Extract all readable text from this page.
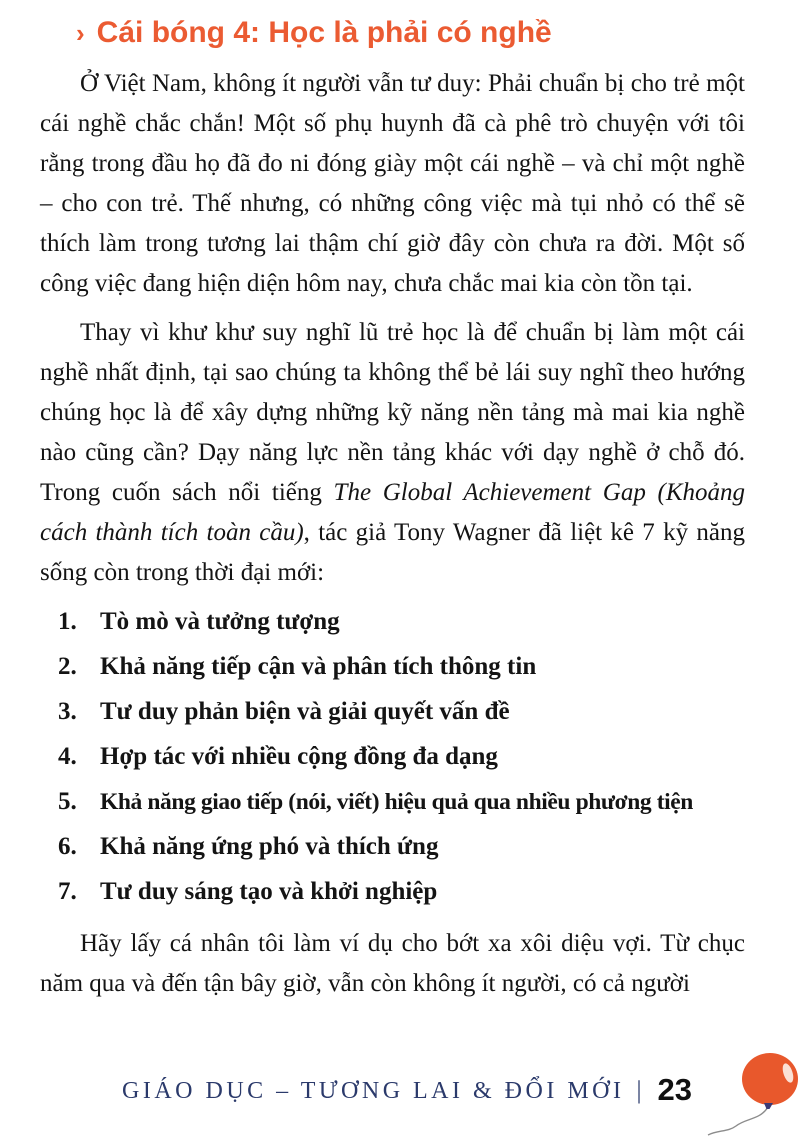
› Cái bóng 4: Học là phải có nghề

Ở Việt Nam, không ít người vẫn tư duy: Phải chuẩn bị cho trẻ một cái nghề chắc chắn! Một số phụ huynh đã cà phê trò chuyện với tôi rằng trong đầu họ đã đo ni đóng giày một cái nghề – và chỉ một nghề – cho con trẻ. Thế nhưng, có những công việc mà tụi nhỏ có thể sẽ thích làm trong tương lai thậm chí giờ đây còn chưa ra đời. Một số công việc đang hiện diện hôm nay, chưa chắc mai kia còn tồn tại.

Thay vì khư khư suy nghĩ lũ trẻ học là để chuẩn bị làm một cái nghề nhất định, tại sao chúng ta không thể bẻ lái suy nghĩ theo hướng chúng học là để xây dựng những kỹ năng nền tảng mà mai kia nghề nào cũng cần? Dạy năng lực nền tảng khác với dạy nghề ở chỗ đó. Trong cuốn sách nổi tiếng The Global Achievement Gap (Khoảng cách thành tích toàn cầu), tác giả Tony Wagner đã liệt kê 7 kỹ năng sống còn trong thời đại mới:

1. Tò mò và tưởng tượng
2. Khả năng tiếp cận và phân tích thông tin
3. Tư duy phản biện và giải quyết vấn đề
4. Hợp tác với nhiều cộng đồng đa dạng
5. Khả năng giao tiếp (nói, viết) hiệu quả qua nhiều phương tiện
6. Khả năng ứng phó và thích ứng
7. Tư duy sáng tạo và khởi nghiệp

Hãy lấy cá nhân tôi làm ví dụ cho bớt xa xôi diệu vợi. Từ chục năm qua và đến tận bây giờ, vẫn còn không ít người, có cả người

GIÁO DỤC – TƯƠNG LAI & ĐỔI MỚI | 23
